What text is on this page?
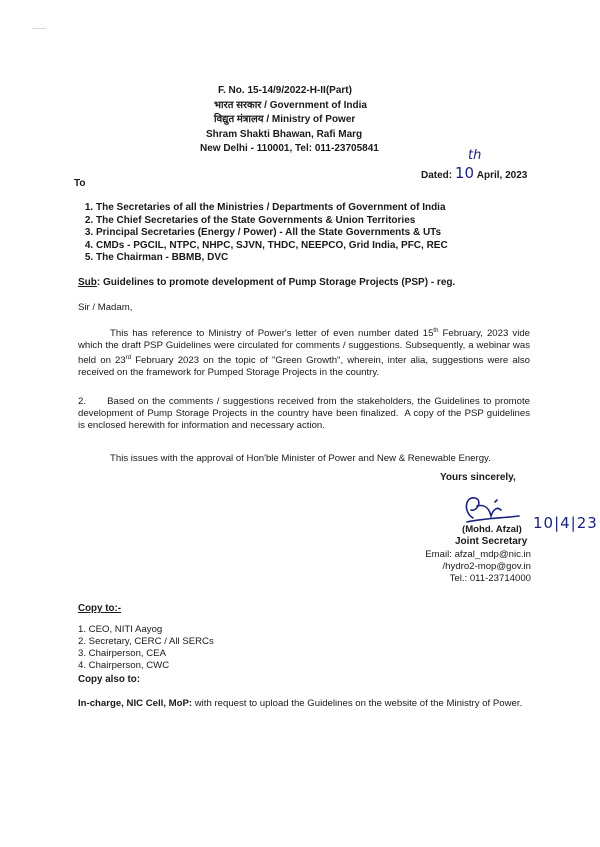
F. No. 15-14/9/2022-H-II(Part)
भारत सरकार / Government of India
विद्युत मंत्रालय / Ministry of Power
Shram Shakti Bhawan, Rafi Marg
New Delhi - 110001, Tel: 011-23705841
Dated: 10
th
April, 2023
To
1. The Secretaries of all the Ministries / Departments of Government of India
2. The Chief Secretaries of the State Governments & Union Territories
3. Principal Secretaries (Energy / Power) - All the State Governments & UTs
4. CMDs - PGCIL, NTPC, NHPC, SJVN, THDC, NEEPCO, Grid India, PFC, REC
5. The Chairman - BBMB, DVC
Sub: Guidelines to promote development of Pump Storage Projects (PSP) - reg.
Sir / Madam,

This has reference to Ministry of Power's letter of even number dated 15th February, 2023 vide which the draft PSP Guidelines were circulated for comments / suggestions. Subsequently, a webinar was held on 23rd February 2023 on the topic of "Green Growth", wherein, inter alia, suggestions were also received on the framework for Pumped Storage Projects in the country.

2.      Based on the comments / suggestions received from the stakeholders, the Guidelines to promote development of Pump Storage Projects in the country have been finalized.  A copy of the PSP guidelines is enclosed herewith for information and necessary action.

This issues with the approval of Hon'ble Minister of Power and New & Renewable Energy.

Yours sincerely,
(Mohd. Afzal) 10|4|23
Joint Secretary
Email: afzal_mdp@nic.in
/hydro2-mop@gov.in
Tel.: 011-23714000
Copy to:-
1. CEO, NITI Aayog
2. Secretary, CERC / All SERCs
3. Chairperson, CEA
4. Chairperson, CWC
Copy also to:

In-charge, NIC Cell, MoP: with request to upload the Guidelines on the website of the Ministry of Power.
